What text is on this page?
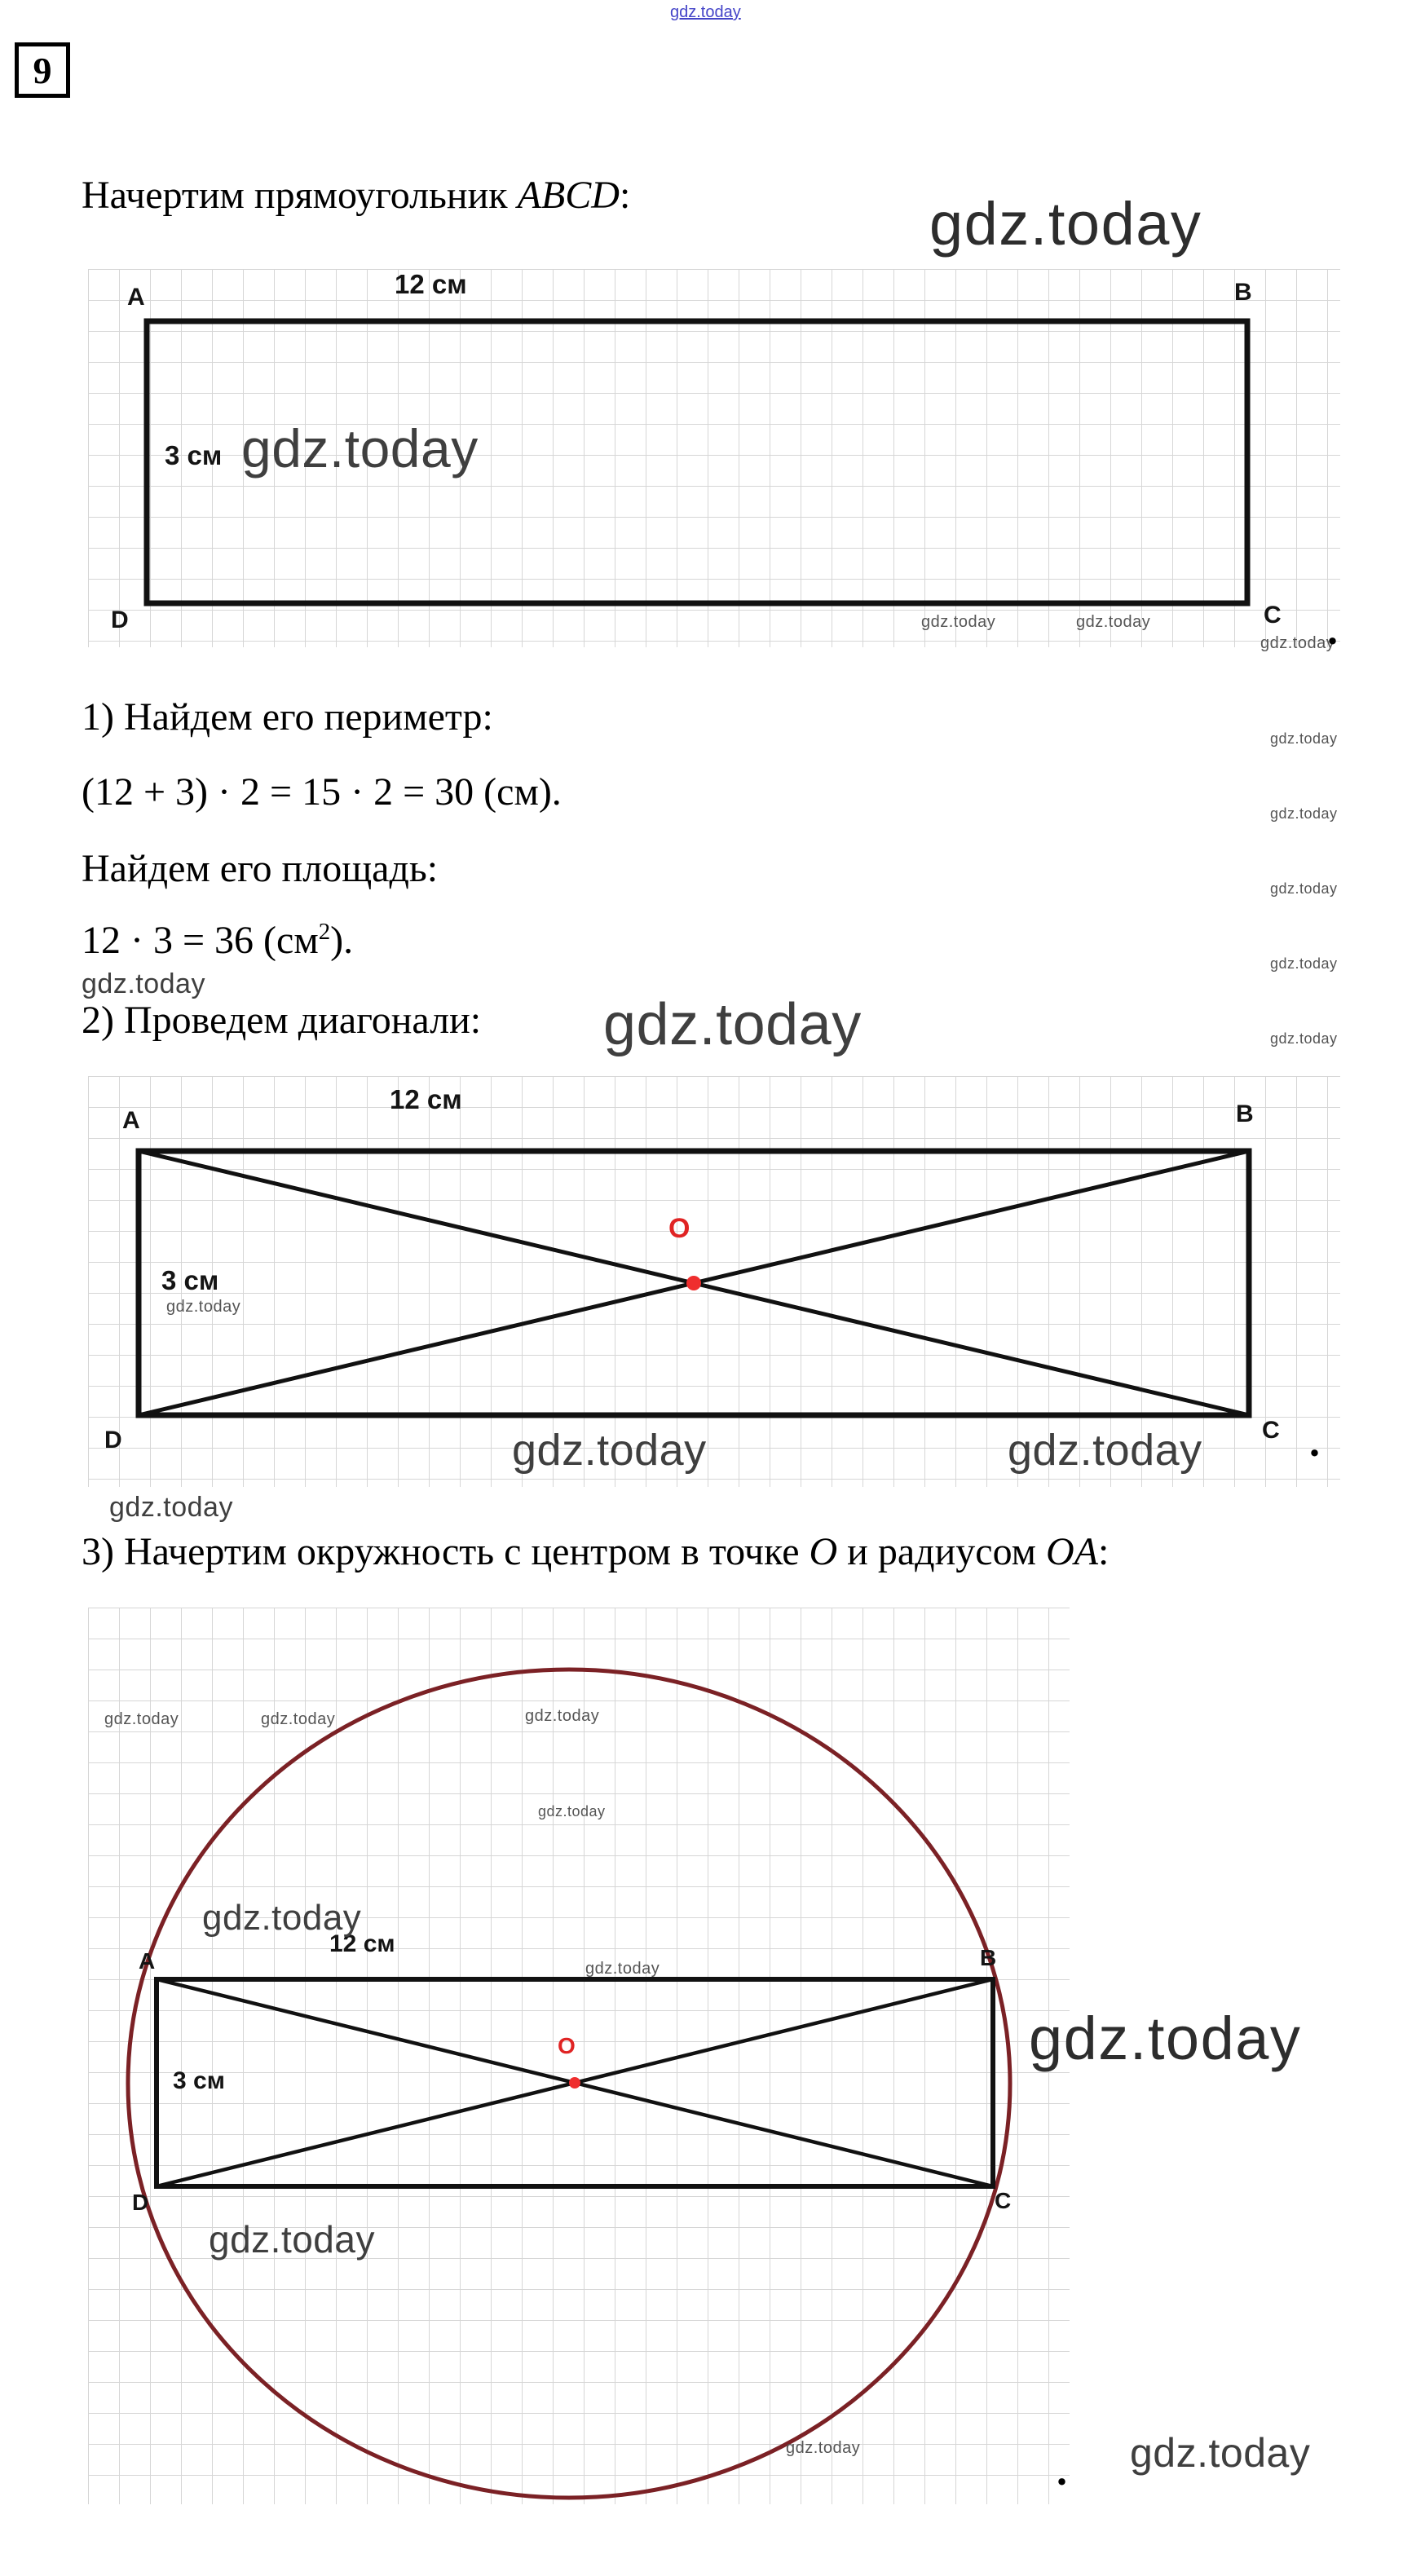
gdz.today
9
Начертим прямоугольник ABCD:	gdz.today
A	B
D	C
12 см
3 см gdz.today
gdz.today	gdz.today
gdz.today
.
gdz.today
gdz.today
gdz.today
gdz.today
gdz.today
1) Найдем его периметр:
(12 + 3) · 2 = 15 · 2 = 30 (см).
Найдем его площадь:
12 · 3 = 36 $(см^2)$.
gdz.today
2) Проведем диагонали: gdz.today
A	B
D	C
12 см
3 см
O
gdz.today
gdz.today	gdz.today	.
gdz.today
3) Начертим окружность с центром в точке O и радиусом OA:
A	B
D	C
12 см
3 см
O
gdz.today	gdz.today	gdz.today
gdz.today
gdz.today
gdz.today
gdz.today
gdz.today
gdz.today
gdz.today
.
